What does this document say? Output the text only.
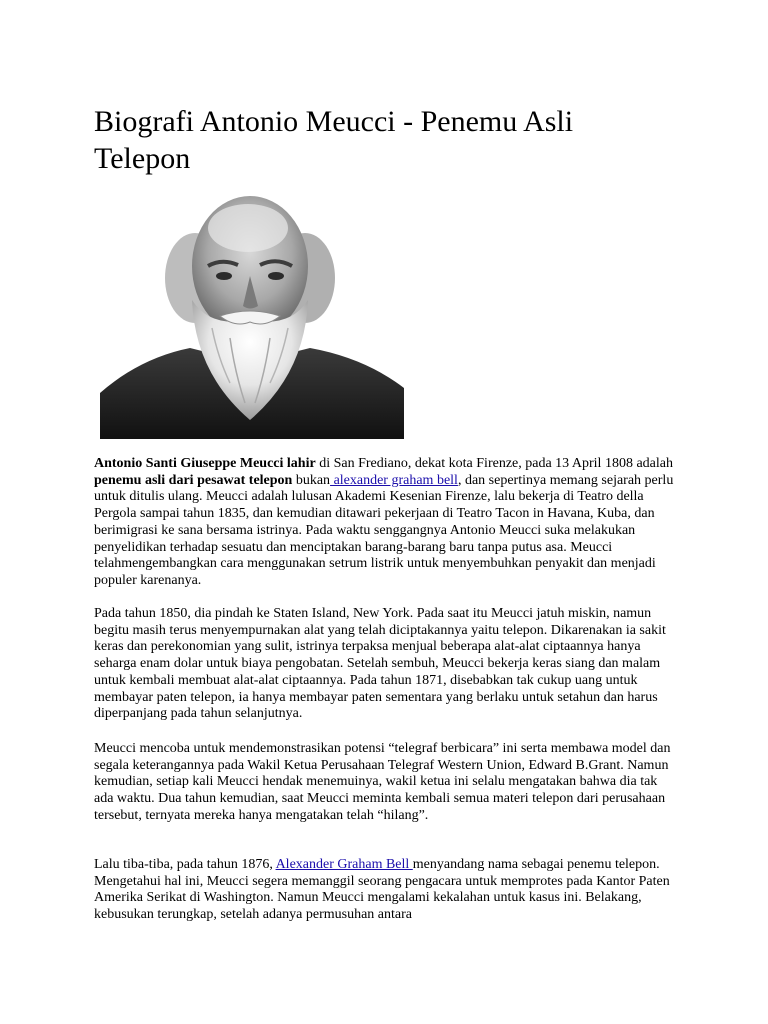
Biografi Antonio Meucci - Penemu Asli Telepon

Antonio Santi Giuseppe Meucci lahir di San Frediano, dekat kota Firenze, pada 13 April 1808 adalah penemu asli dari pesawat telepon bukan alexander graham bell, dan sepertinya memang sejarah perlu untuk ditulis ulang. Meucci adalah lulusan Akademi Kesenian Firenze, lalu bekerja di Teatro della Pergola sampai tahun 1835, dan kemudian ditawari pekerjaan di Teatro Tacon in Havana, Kuba, dan berimigrasi ke sana bersama istrinya. Pada waktu senggangnya Antonio Meucci suka melakukan penyelidikan terhadap sesuatu dan menciptakan barang-barang baru tanpa putus asa. Meucci telahmengembangkan cara menggunakan setrum listrik untuk menyembuhkan penyakit dan menjadi populer karenanya.

Pada tahun 1850, dia pindah ke Staten Island, New York. Pada saat itu Meucci jatuh miskin, namun begitu masih terus menyempurnakan alat yang telah diciptakannya yaitu telepon. Dikarenakan ia sakit keras dan perekonomian yang sulit, istrinya terpaksa menjual beberapa alat-alat ciptaannya hanya seharga enam dolar untuk biaya pengobatan. Setelah sembuh, Meucci bekerja keras siang dan malam untuk kembali membuat alat-alat ciptaannya. Pada tahun 1871, disebabkan tak cukup uang untuk membayar paten telepon, ia hanya membayar paten sementara yang berlaku untuk setahun dan harus diperpanjang pada tahun selanjutnya.

Meucci mencoba untuk mendemonstrasikan potensi “telegraf berbicara” ini serta membawa model dan segala keterangannya pada Wakil Ketua Perusahaan Telegraf Western Union, Edward B.Grant. Namun kemudian, setiap kali Meucci hendak menemuinya, wakil ketua ini selalu mengatakan bahwa dia tak ada waktu. Dua tahun kemudian, saat Meucci meminta kembali semua materi telepon dari perusahaan tersebut, ternyata mereka hanya mengatakan telah “hilang”.

Lalu tiba-tiba, pada tahun 1876, Alexander Graham Bell menyandang nama sebagai penemu telepon. Mengetahui hal ini, Meucci segera memanggil seorang pengacara untuk memprotes pada Kantor Paten Amerika Serikat di Washington. Namun Meucci mengalami kekalahan untuk kasus ini. Belakang, kebusukan terungkap, setelah adanya permusuhan antara
